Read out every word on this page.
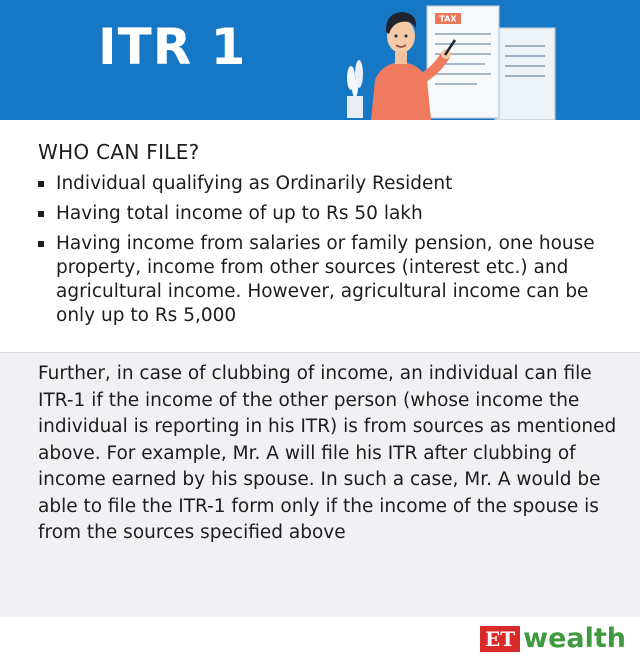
ITR 1	TAX
WHO CAN FILE?
Individual qualifying as Ordinarily Resident
Having total income of up to Rs 50 lakh
Having income from salaries or family pension, one house property, income from other sources (interest etc.) and agricultural income. However, agricultural income can be only up to Rs 5,000

Further, in case of clubbing of income, an individual can file ITR-1 if the income of the other person (whose income the individual is reporting in his ITR) is from sources as mentioned above. For example, Mr. A will file his ITR after clubbing of income earned by his spouse. In such a case, Mr. A would be able to file the ITR-1 form only if the income of the spouse is from the sources specified above

ET wealth
